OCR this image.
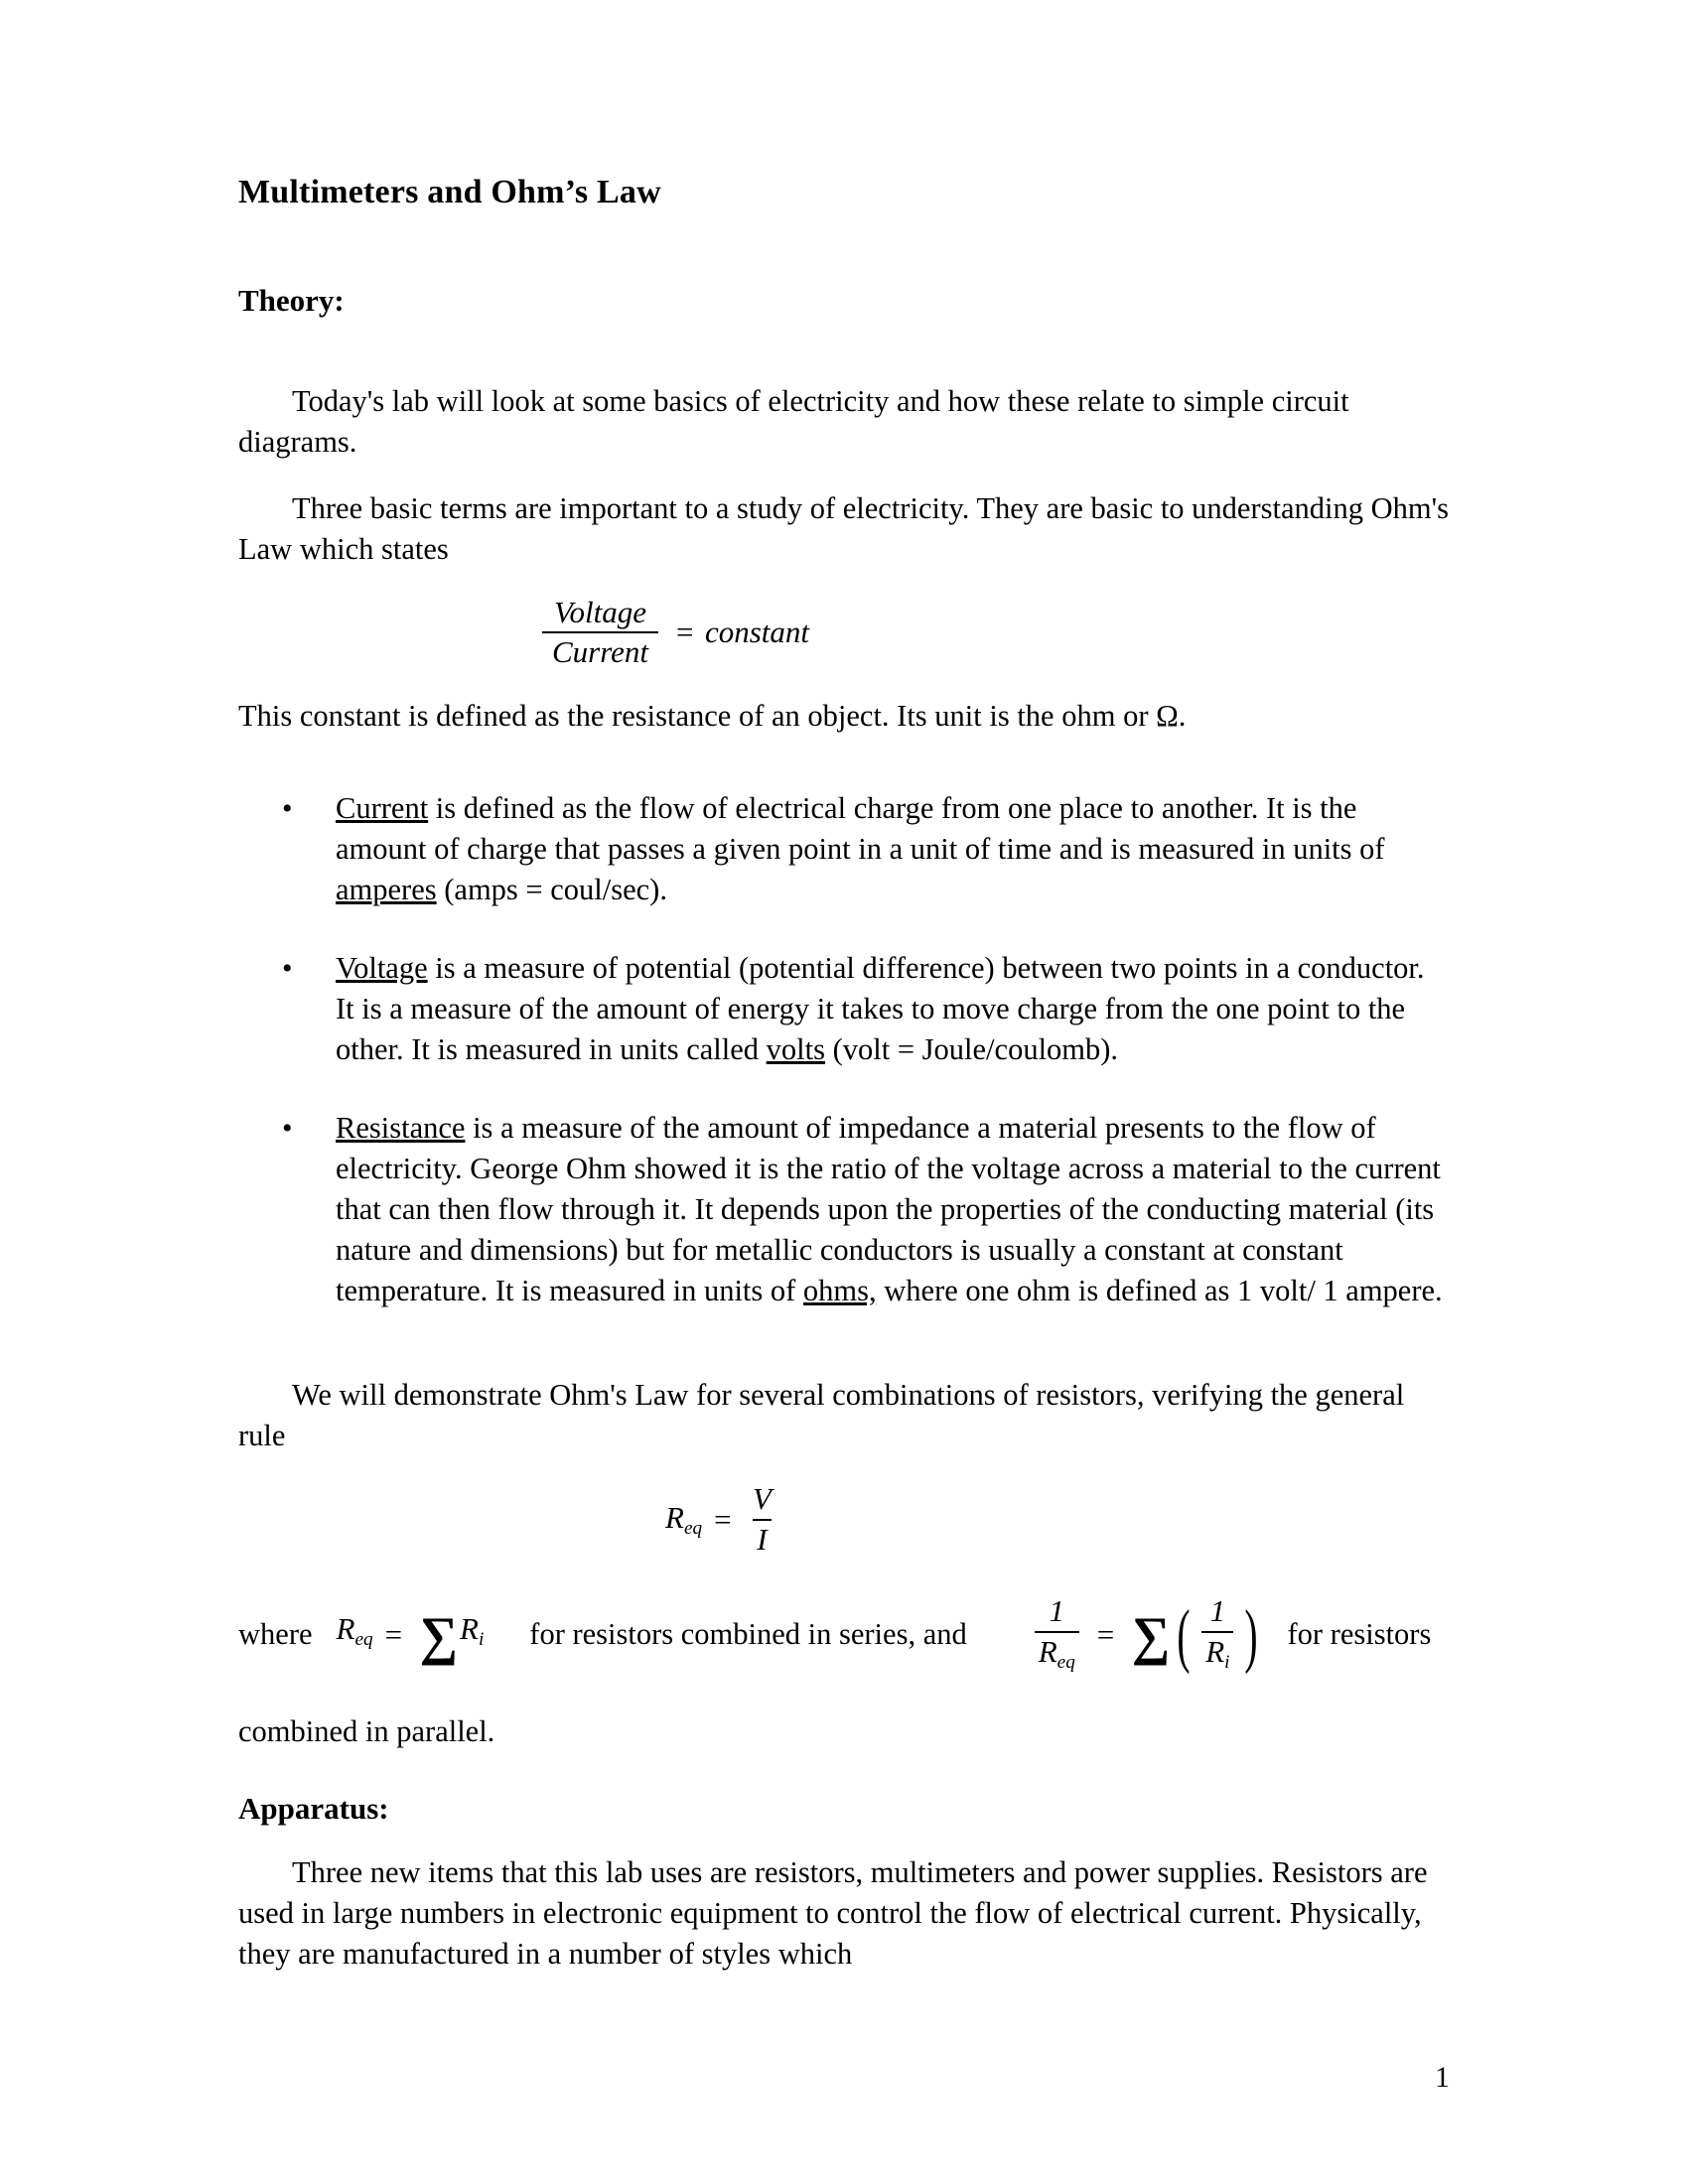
Multimeters and Ohm’s Law
Theory:

Today's lab will look at some basics of electricity and how these relate to simple circuit diagrams.

Three basic terms are important to a study of electricity. They are basic to understanding Ohm's Law which states

$\frac{\text{Voltage}}{\text{Current}}$ = constant

This constant is defined as the resistance of an object. Its unit is the ohm or Ω.

• Current is defined as the flow of electrical charge from one place to another. It is the amount of charge that passes a given point in a unit of time and is measured in units of amperes (amps = coul/sec).
• Voltage is a measure of potential (potential difference) between two points in a conductor. It is a measure of the amount of energy it takes to move charge from the one point to the other. It is measured in units called volts (volt = Joule/coulomb).
• Resistance is a measure of the amount of impedance a material presents to the flow of electricity. George Ohm showed it is the ratio of the voltage across a material to the current that can then flow through it. It depends upon the properties of the conducting material (its nature and dimensions) but for metallic conductors is usually a constant at constant temperature. It is measured in units of ohms, where one ohm is defined as 1 volt/ 1 ampere.

We will demonstrate Ohm's Law for several combinations of resistors, verifying the general rule

$R_{eq} = \frac{V}{I}$
where $R_{eq}$ = ∑ $R_i$ for resistors combined in series, and $\frac{1}{R_{eq}}$ = ∑ ( $\frac{1}{R_i}$ ) for resistors

combined in parallel.

Apparatus:

Three new items that this lab uses are resistors, multimeters and power supplies. Resistors are used in large numbers in electronic equipment to control the flow of electrical current. Physically, they are manufactured in a number of styles which

1
